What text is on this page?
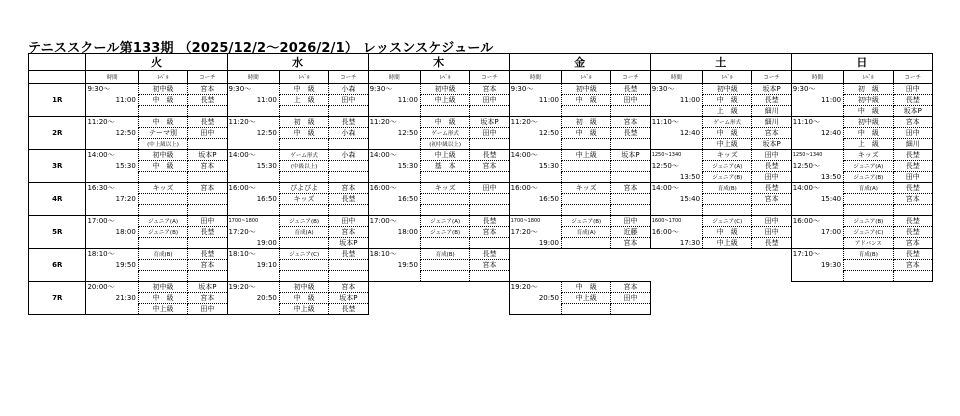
テニススクール第133期 （2025/12/2〜2026/2/1） レッスンスケジュール
	火			水			木			金			土			日		
	時間	ﾚﾍﾞﾙ	コーチ	時間	ﾚﾍﾞﾙ	コーチ	時間	ﾚﾍﾞﾙ	コーチ	時間	ﾚﾍﾞﾙ	コーチ	時間	ﾚﾍﾞﾙ	コーチ	時間	ﾚﾍﾞﾙ	コーチ
1R	9:30〜	初中級	宮本	9:30〜	中　級	小森	9:30〜	初中級	宮本	9:30〜	初中級	長埜	9:30〜	初中級	坂本P	9:30〜	初　級	田中
	11:00	中　級	長埜	11:00	上　級	田中	11:00	中上級	田中	11:00	中　級	田中	11:00	中　級	長埜	11:00	初中級	長埜
														上　級	細川		中　級	坂本P
2R	11:20〜	中　級	長埜	11:20〜	初　級	長埜	11:20〜	中　級	坂本P	11:20〜	初　級	宮本	11:10〜	ゲーム形式	細川	11:10〜	初中級	宮本
	12:50	テーマ別	田中	12:50	中　級	小森	12:50	ゲーム形式	田中	12:50	中　級	長埜	12:40	中　級	宮本	12:40	中　級	田中
		(中上級以上)						(初中級以上)						中上級	坂本P		上　級	細川
3R	14:00〜	初中級	坂本P	14:00〜	ゲーム形式	小森	14:00〜	中上級	長埜	14:00〜	中上級	坂本P	1250~1340	キッズ	田中	1250~1340	キッズ	長埜
	15:30	中　級	宮本	15:30	(中級以上)		15:30	基　本	宮本	15:30			12:50〜	ジュニア(A)	長埜	12:50〜	ジュニア(A)	長埜
													13:50	ジュニア(B)	田中	13:50	ジュニア(B)	田中
4R	16:30〜	キッズ	宮本	16:00〜	ぴよぴよ	宮本	16:00〜	キッズ	田中	16:00〜	キッズ	宮本	14:00〜	育成(B)	長埜	14:00〜	育成(A)	長埜
	17:20			16:50	キッズ	長埜	16:50			16:50			15:40		宮本	15:40		宮本

5R	17:00〜	ジュニア(A)	田中	1700~1800	ジュニア(B)	田中	17:00〜	ジュニア(A)	長埜	1700~1800	ジュニア(B)	田中	1600~1700	ジュニア(C)	田中	16:00〜	ジュニア(B)	長埜
	18:00	ジュニア(B)	長埜	17:20〜	育成(A)	宮本	18:00	ジュニア(B)	宮本	17:20〜	育成(A)	近藤	16:00〜	中　級	田中	17:00	ジュニア(C)	長埜
				19:00		坂本P				19:00		宮本	17:30	中上級	長埜		アドバンス	宮本
6R	18:10〜	育成(B)	長埜	18:10〜	ジュニア(C)	長埜	18:10〜	育成(B)	長埜							17:10〜	育成(B)	長埜
	19:50		宮本	19:10			19:50		宮本							19:30		宮本

7R	20:00〜	初中級	坂本P	19:20〜	初中級	宮本				19:20〜	中　級	宮本						
	21:30	中　級	宮本	20:50	中　級	坂本P				20:50	中上級	田中						
		中上級	田中		中上級	長埜												
